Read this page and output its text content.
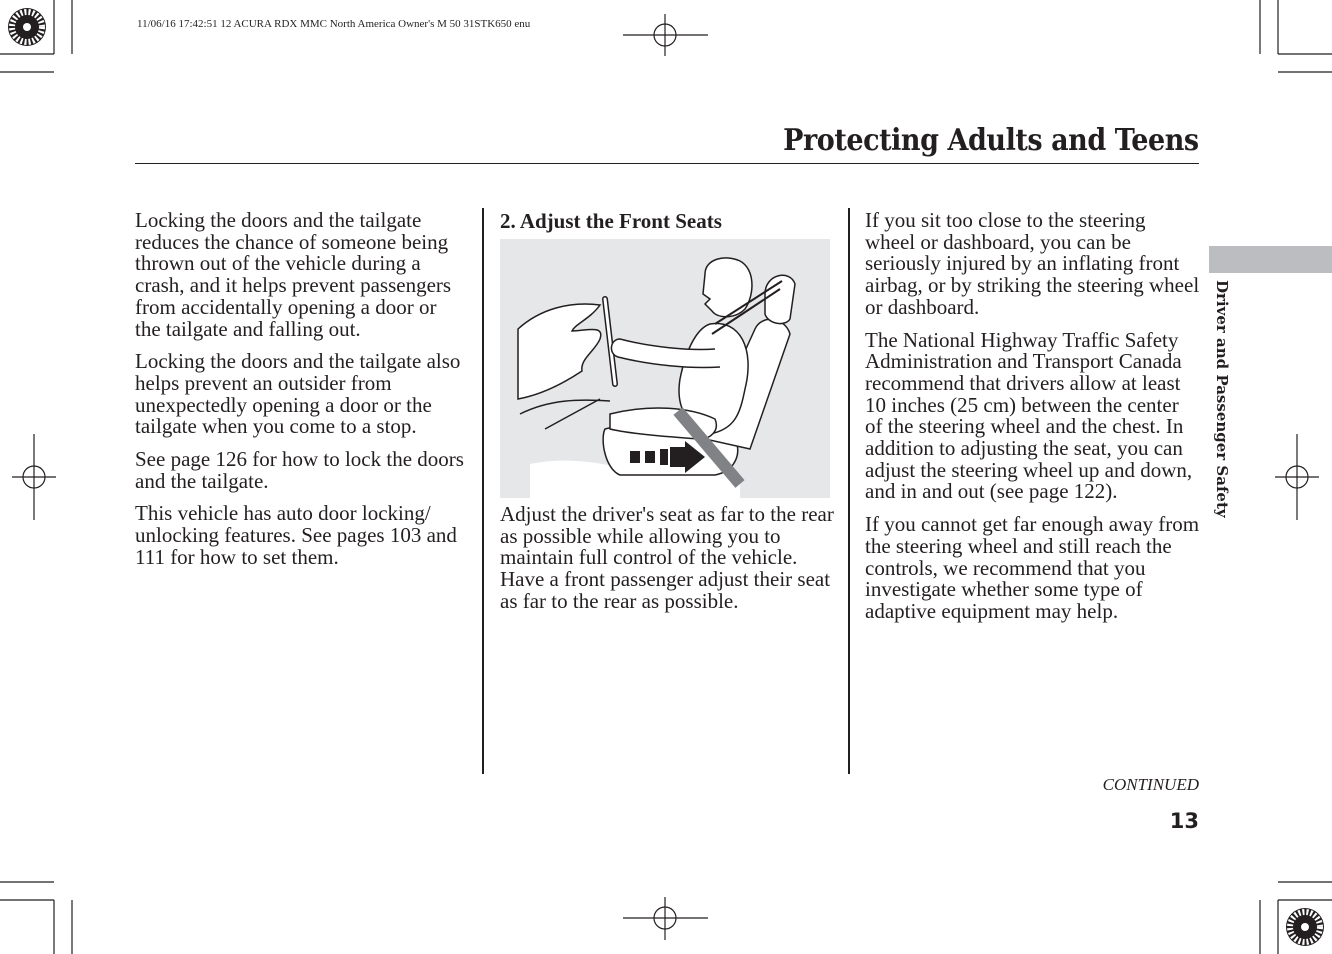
11/06/16 17:42:51 12 ACURA RDX MMC North America Owner's M 50 31STK650 enu
Protecting Adults and Teens

Locking the doors and the tailgate reduces the chance of someone being thrown out of the vehicle during a crash, and it helps prevent passengers from accidentally opening a door or the tailgate and falling out.

Locking the doors and the tailgate also helps prevent an outsider from unexpectedly opening a door or the tailgate when you come to a stop.

See page 126 for how to lock the doors and the tailgate.

This vehicle has auto door locking/ unlocking features. See pages 103 and 111 for how to set them.

2. Adjust the Front Seats

Adjust the driver's seat as far to the rear as possible while allowing you to maintain full control of the vehicle. Have a front passenger adjust their seat as far to the rear as possible.

If you sit too close to the steering wheel or dashboard, you can be seriously injured by an inflating front airbag, or by striking the steering wheel or dashboard.

The National Highway Traffic Safety Administration and Transport Canada recommend that drivers allow at least 10 inches (25 cm) between the center of the steering wheel and the chest. In addition to adjusting the seat, you can adjust the steering wheel up and down, and in and out (see page 122).

If you cannot get far enough away from the steering wheel and still reach the controls, we recommend that you investigate whether some type of adaptive equipment may help.

Driver and Passenger Safety
CONTINUED
13
